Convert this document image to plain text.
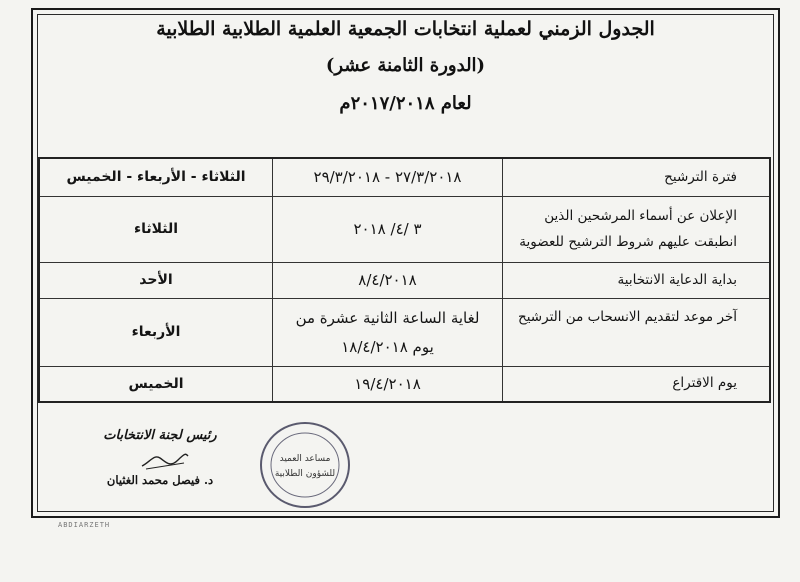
الجدول الزمني لعملية انتخابات الجمعية العلمية الطلابية الطلابية
(الدورة الثامنة عشر)
لعام ٢٠١٧/٢٠١٨م
فترة الترشيح
٢٧/٣/٢٠١٨ - ٢٩/٣/٢٠١٨
الثلاثاء - الأربعاء - الخميس
الإعلان عن أسماء المرشحين الذين انطبقت عليهم شروط الترشيح للعضوية
٣ /٤/ ٢٠١٨
الثلاثاء
بداية الدعاية الانتخابية
٨/٤/٢٠١٨
الأحد
آخر موعد لتقديم الانسحاب من الترشيح
لغاية الساعة الثانية عشرة من يوم ١٨/٤/٢٠١٨
الأربعاء
يوم الاقتراع
١٩/٤/٢٠١٨
الخميس
رئيس لجنة الانتخابات
د. فيصل محمد الغثيان
مساعد العميد
للشؤون الطلابية
ABDIARZETH
